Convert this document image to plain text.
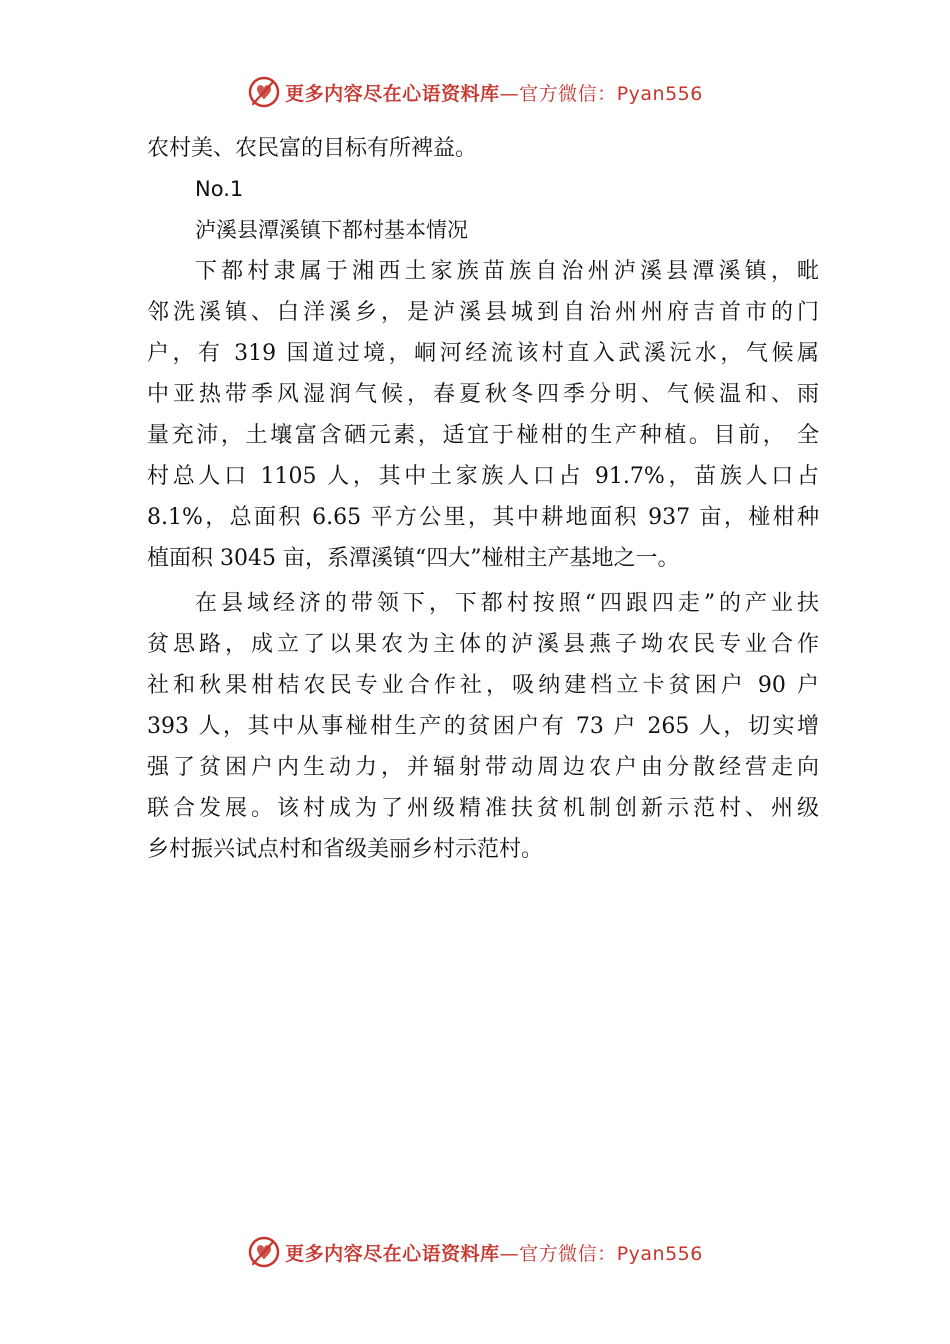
更多内容尽在心语资料库—官方微信：Pyan556

农村美、农民富的目标有所裨益。

No.1

泸溪县潭溪镇下都村基本情况

下都村隶属于湘西土家族苗族自治州泸溪县潭溪镇，毗

邻洗溪镇、白洋溪乡，是泸溪县城到自治州州府吉首市的门

户，有 319 国道过境，峒河经流该村直入武溪沅水，气候属

中亚热带季风湿润气候，春夏秋冬四季分明、气候温和、雨

量充沛，土壤富含硒元素，适宜于椪柑的生产种植。目前， 全

村总人口 1105 人，其中土家族人口占 91.7%，苗族人口占

8.1%，总面积 6.65 平方公里，其中耕地面积 937 亩，椪柑种

植面积 3045 亩，系潭溪镇“四大”椪柑主产基地之一。

在县域经济的带领下，下都村按照“四跟四走”的产业扶

贫思路，成立了以果农为主体的泸溪县燕子坳农民专业合作

社和秋果柑桔农民专业合作社，吸纳建档立卡贫困户 90 户

393 人，其中从事椪柑生产的贫困户有 73 户 265 人，切实增

强了贫困户内生动力，并辐射带动周边农户由分散经营走向

联合发展。该村成为了州级精准扶贫机制创新示范村、州级

乡村振兴试点村和省级美丽乡村示范村。

更多内容尽在心语资料库—官方微信：Pyan556
